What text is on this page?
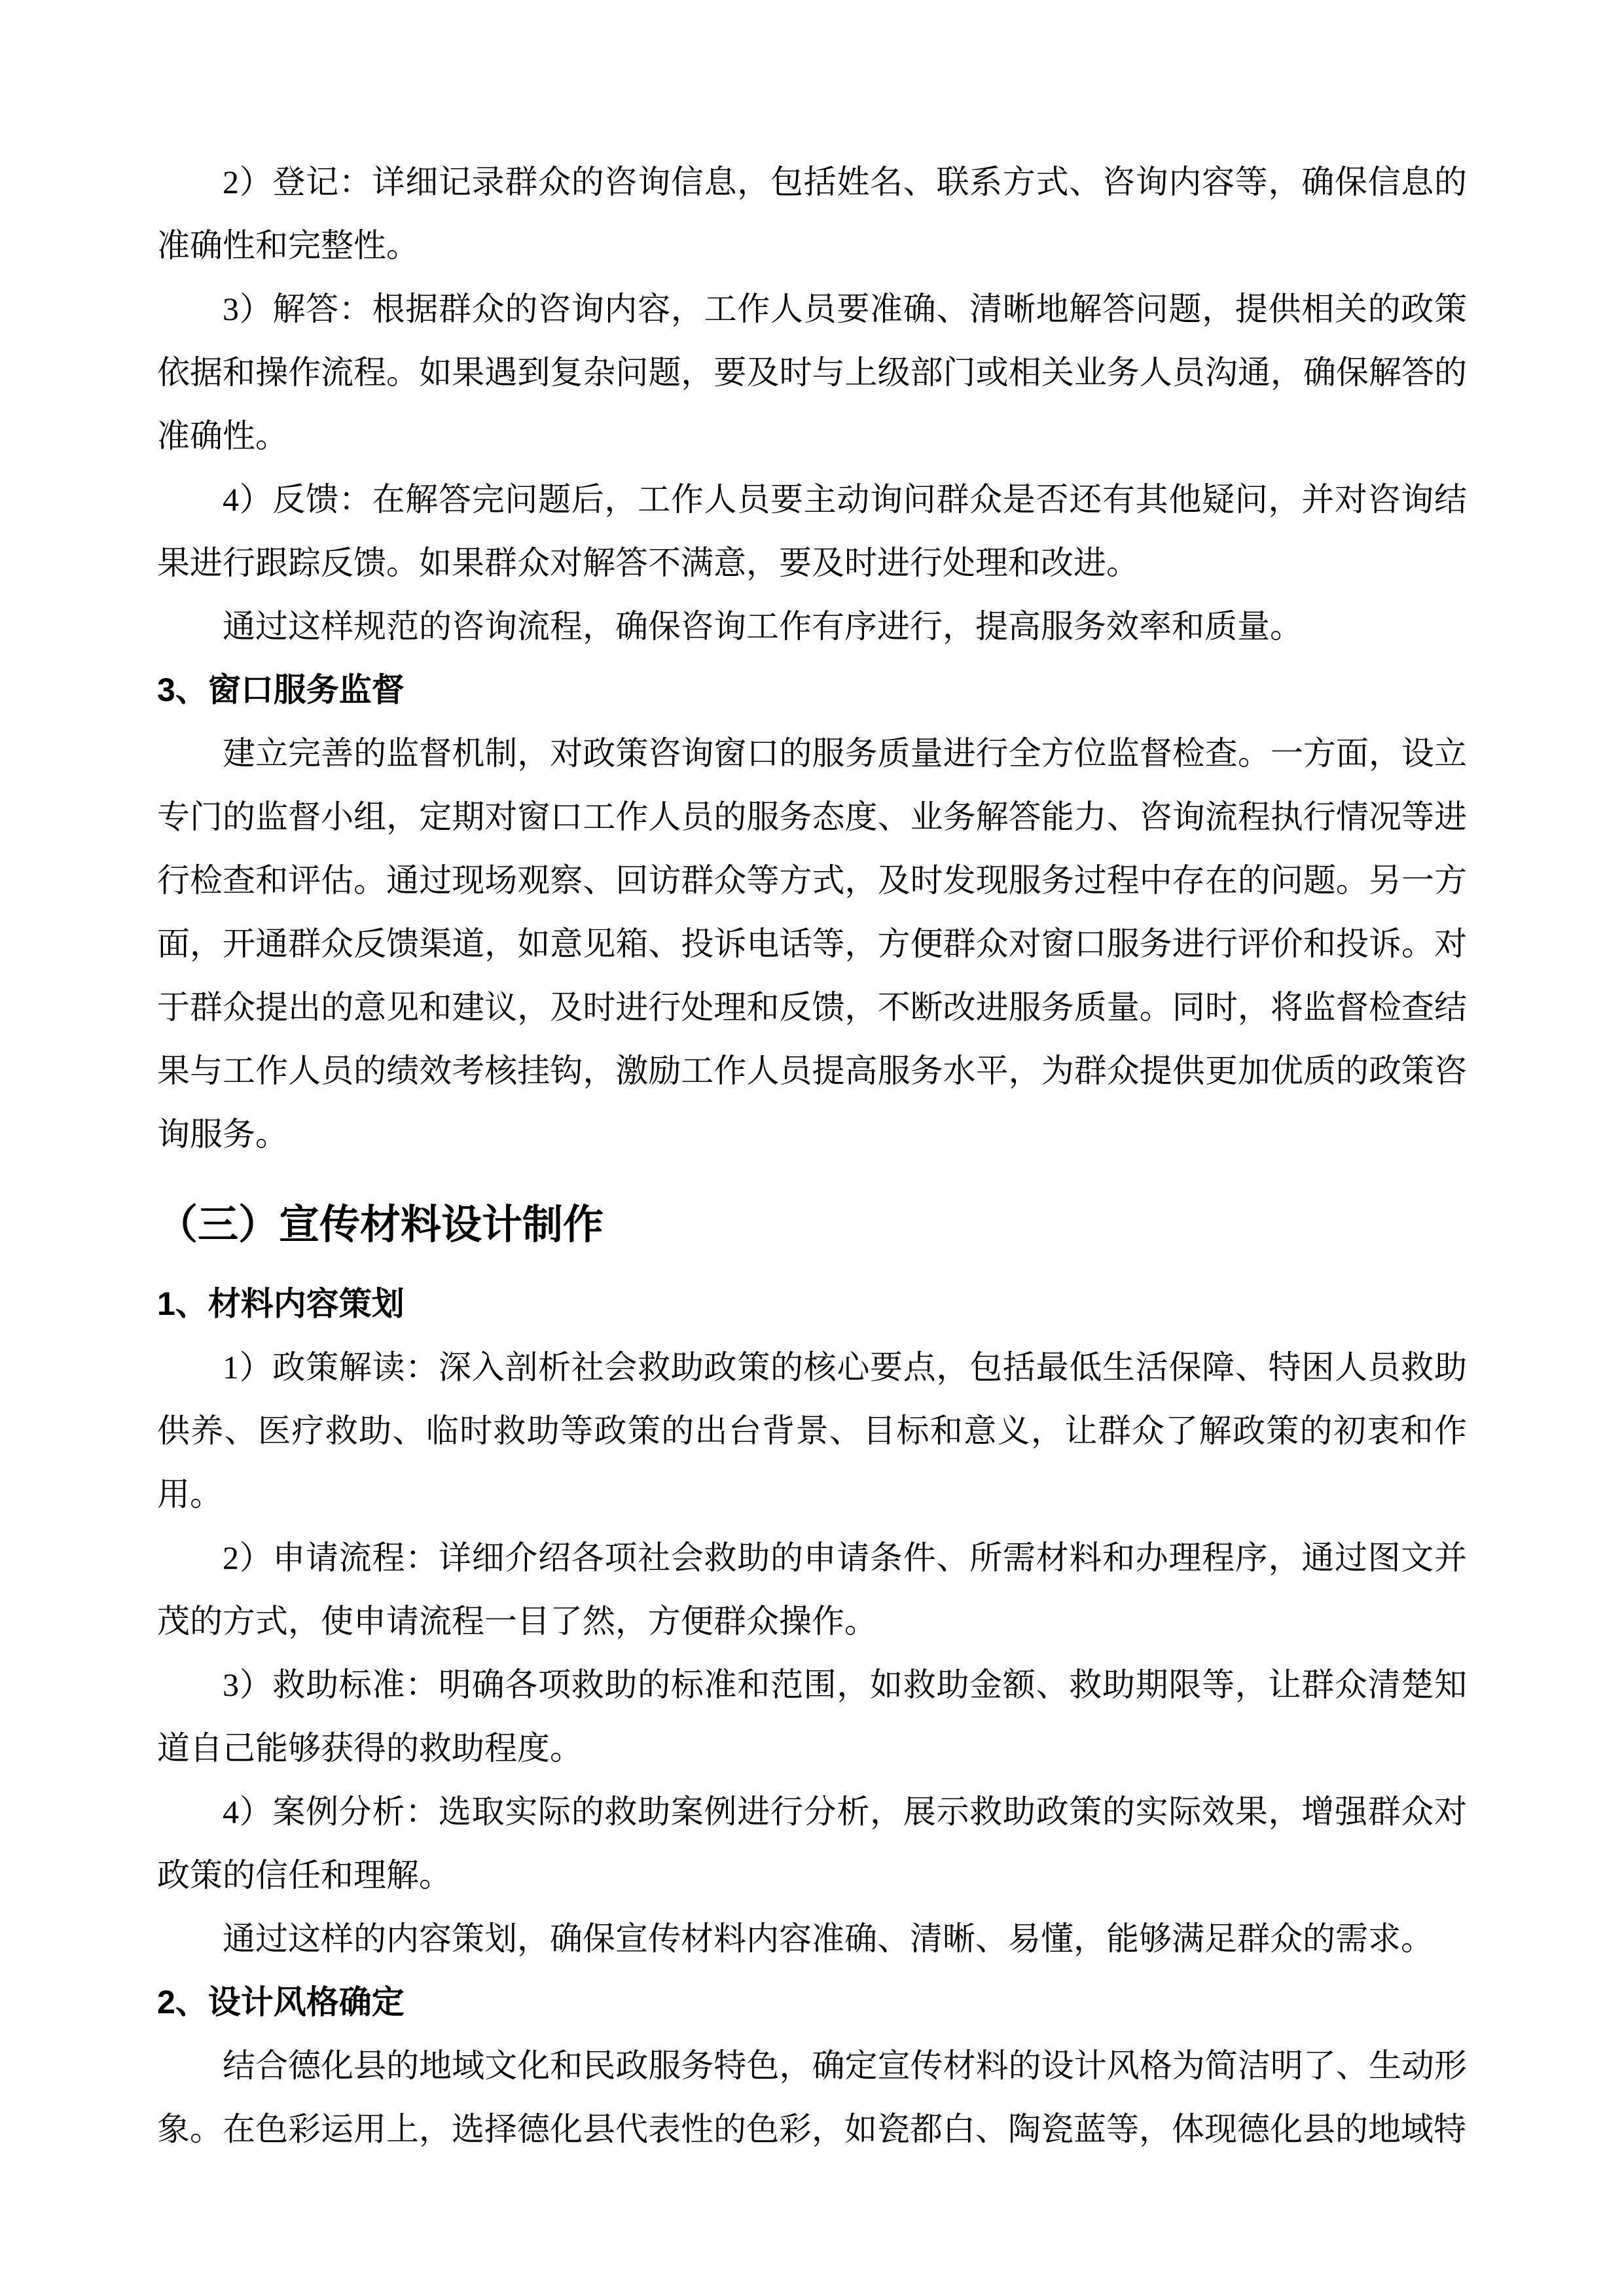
2）登记：详细记录群众的咨询信息，包括姓名、联系方式、咨询内容等，确保信息的准确性和完整性。

3）解答：根据群众的咨询内容，工作人员要准确、清晰地解答问题，提供相关的政策依据和操作流程。如果遇到复杂问题，要及时与上级部门或相关业务人员沟通，确保解答的准确性。

4）反馈：在解答完问题后，工作人员要主动询问群众是否还有其他疑问，并对咨询结果进行跟踪反馈。如果群众对解答不满意，要及时进行处理和改进。

通过这样规范的咨询流程，确保咨询工作有序进行，提高服务效率和质量。

3、窗口服务监督

建立完善的监督机制，对政策咨询窗口的服务质量进行全方位监督检查。一方面，设立专门的监督小组，定期对窗口工作人员的服务态度、业务解答能力、咨询流程执行情况等进行检查和评估。通过现场观察、回访群众等方式，及时发现服务过程中存在的问题。另一方面，开通群众反馈渠道，如意见箱、投诉电话等，方便群众对窗口服务进行评价和投诉。对于群众提出的意见和建议，及时进行处理和反馈，不断改进服务质量。同时，将监督检查结果与工作人员的绩效考核挂钩，激励工作人员提高服务水平，为群众提供更加优质的政策咨询服务。

（三）宣传材料设计制作
1、材料内容策划

1）政策解读：深入剖析社会救助政策的核心要点，包括最低生活保障、特困人员救助供养、医疗救助、临时救助等政策的出台背景、目标和意义，让群众了解政策的初衷和作用。

2）申请流程：详细介绍各项社会救助的申请条件、所需材料和办理程序，通过图文并茂的方式，使申请流程一目了然，方便群众操作。

3）救助标准：明确各项救助的标准和范围，如救助金额、救助期限等，让群众清楚知道自己能够获得的救助程度。

4）案例分析：选取实际的救助案例进行分析，展示救助政策的实际效果，增强群众对政策的信任和理解。

通过这样的内容策划，确保宣传材料内容准确、清晰、易懂，能够满足群众的需求。

2、设计风格确定

结合德化县的地域文化和民政服务特色，确定宣传材料的设计风格为简洁明了、生动形象。在色彩运用上，选择德化县代表性的色彩，如瓷都白、陶瓷蓝等，体现德化县的地域特
